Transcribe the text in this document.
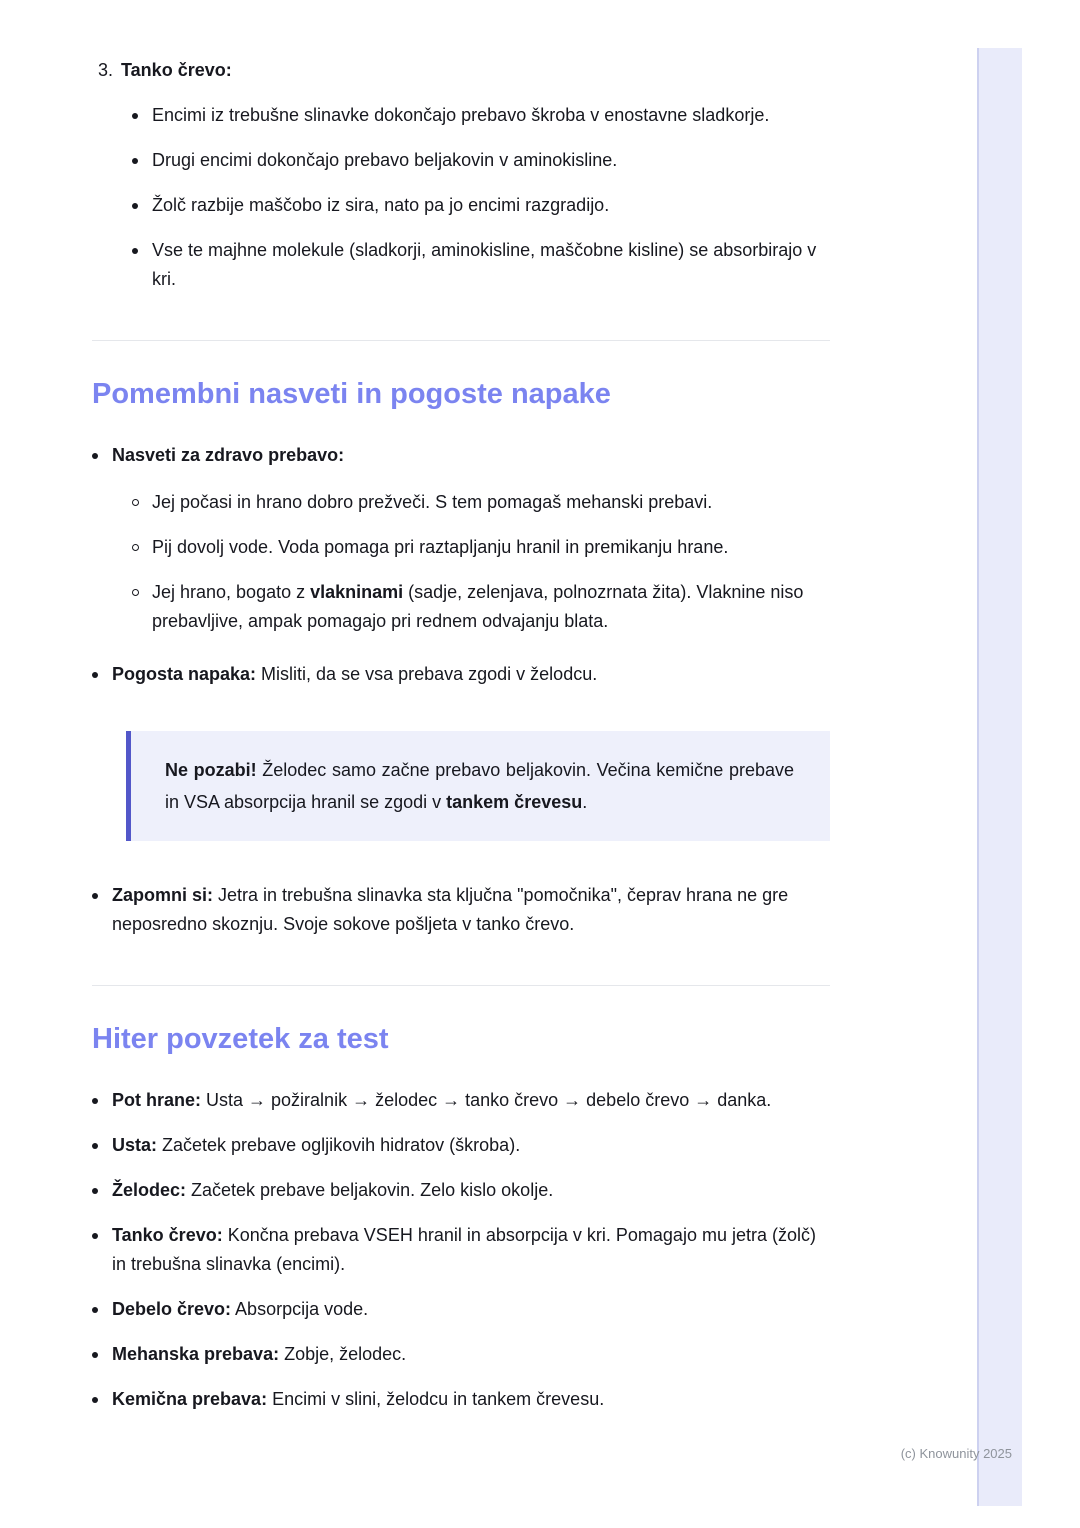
3. Tanko črevo:
Encimi iz trebušne slinavke dokončajo prebavo škroba v enostavne sladkorje.
Drugi encimi dokončajo prebavo beljakovin v aminokisline.
Žolč razbije maščobo iz sira, nato pa jo encimi razgradijo.
Vse te majhne molekule (sladkorji, aminokisline, maščobne kisline) se absorbirajo v kri.
Pomembni nasveti in pogoste napake
Nasveti za zdravo prebavo:
Jej počasi in hrano dobro prežveči. S tem pomagaš mehanski prebavi.
Pij dovolj vode. Voda pomaga pri raztapljanju hranil in premikanju hrane.
Jej hrano, bogato z vlakninami (sadje, zelenjava, polnozrnata žita). Vlaknine niso prebavljive, ampak pomagajo pri rednem odvajanju blata.
Pogosta napaka: Misliti, da se vsa prebava zgodi v želodcu.
Ne pozabi! Želodec samo začne prebavo beljakovin. Večina kemične prebave in VSA absorpcija hranil se zgodi v tankem črevesu.
Zapomni si: Jetra in trebušna slinavka sta ključna "pomočnika", čeprav hrana ne gre neposredno skoznju. Svoje sokove pošljeta v tanko črevo.
Hiter povzetek za test
Pot hrane: Usta → požiralnik → želodec → tanko črevo → debelo črevo → danka.
Usta: Začetek prebave ogljikovih hidratov (škroba).
Želodec: Začetek prebave beljakovin. Zelo kislo okolje.
Tanko črevo: Končna prebava VSEH hranil in absorpcija v kri. Pomagajo mu jetra (žolč) in trebušna slinavka (encimi).
Debelo črevo: Absorpcija vode.
Mehanska prebava: Zobje, želodec.
Kemična prebava: Encimi v slini, želodcu in tankem črevesu.
(c) Knowunity 2025
